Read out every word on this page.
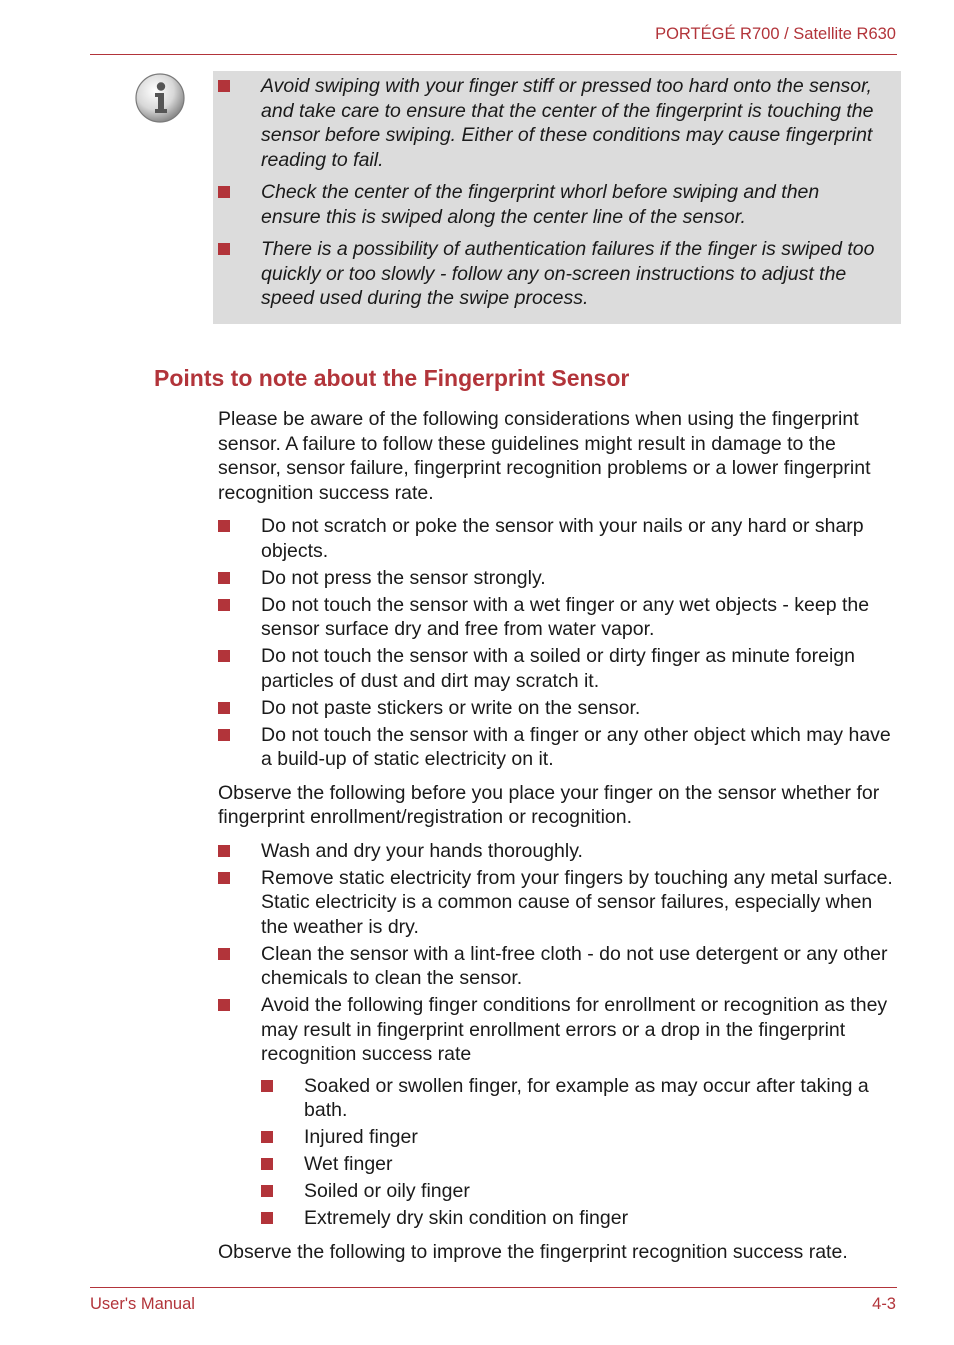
PORTÉGÉ R700 / Satellite R630
Avoid swiping with your finger stiff or pressed too hard onto the sensor, and take care to ensure that the center of the fingerprint is touching the sensor before swiping. Either of these conditions may cause fingerprint reading to fail.
Check the center of the fingerprint whorl before swiping and then ensure this is swiped along the center line of the sensor.
There is a possibility of authentication failures if the finger is swiped too quickly or too slowly - follow any on-screen instructions to adjust the speed used during the swipe process.
Points to note about the Fingerprint Sensor

Please be aware of the following considerations when using the fingerprint sensor. A failure to follow these guidelines might result in damage to the sensor, sensor failure, fingerprint recognition problems or a lower fingerprint recognition success rate.

Do not scratch or poke the sensor with your nails or any hard or sharp objects.
Do not press the sensor strongly.
Do not touch the sensor with a wet finger or any wet objects - keep the sensor surface dry and free from water vapor.
Do not touch the sensor with a soiled or dirty finger as minute foreign particles of dust and dirt may scratch it.
Do not paste stickers or write on the sensor.
Do not touch the sensor with a finger or any other object which may have a build-up of static electricity on it.

Observe the following before you place your finger on the sensor whether for fingerprint enrollment/registration or recognition.

Wash and dry your hands thoroughly.
Remove static electricity from your fingers by touching any metal surface. Static electricity is a common cause of sensor failures, especially when the weather is dry.
Clean the sensor with a lint-free cloth - do not use detergent or any other chemicals to clean the sensor.
Avoid the following finger conditions for enrollment or recognition as they may result in fingerprint enrollment errors or a drop in the fingerprint recognition success rate
Soaked or swollen finger, for example as may occur after taking a bath.
Injured finger
Wet finger
Soiled or oily finger
Extremely dry skin condition on finger

Observe the following to improve the fingerprint recognition success rate.

User's Manual	4-3
